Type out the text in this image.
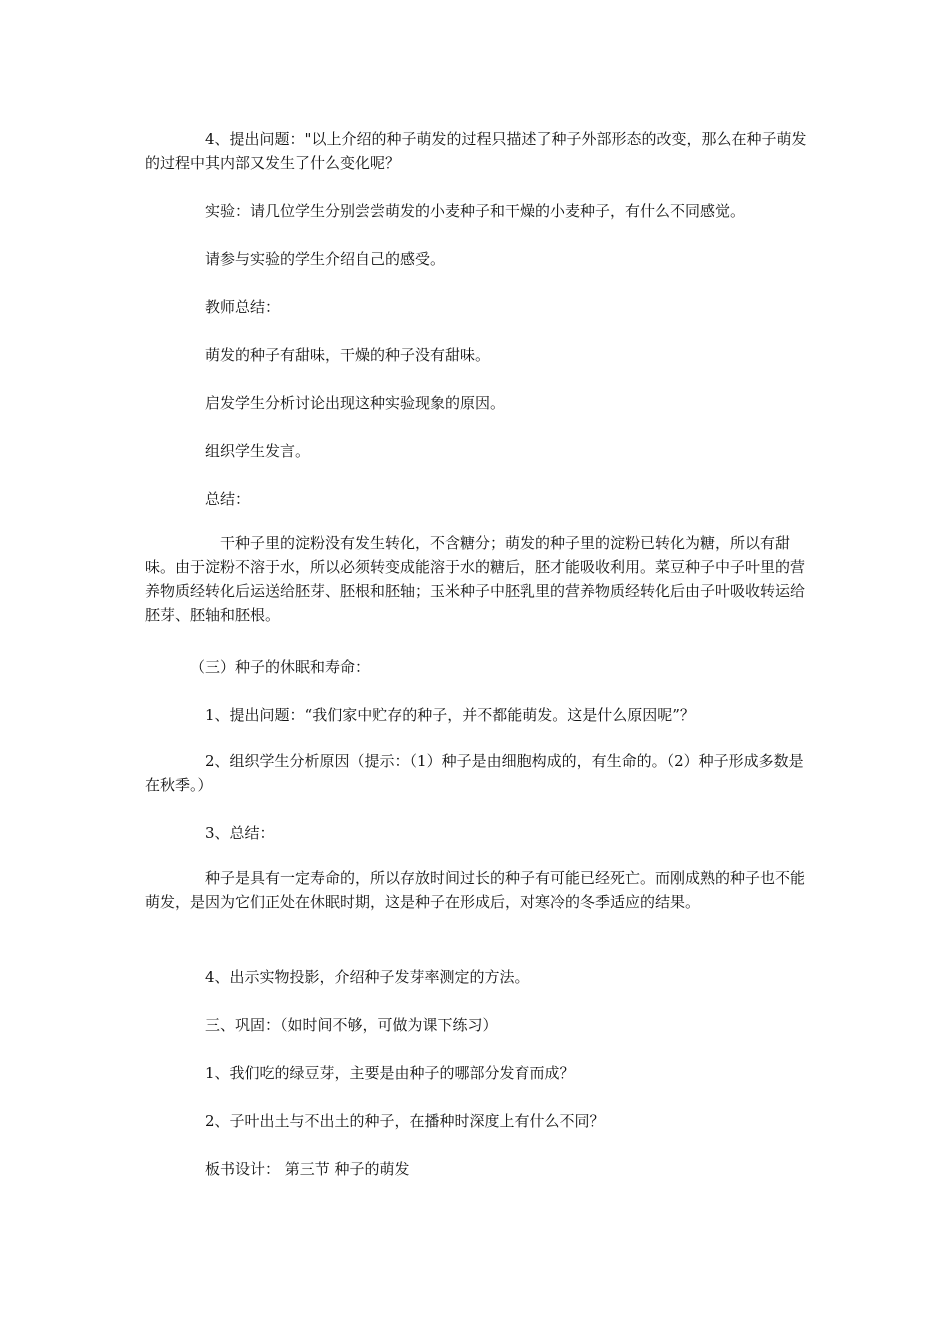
4、提出问题："以上介绍的种子萌发的过程只描述了种子外部形态的改变，那么在种子萌发的过程中其内部又发生了什么变化呢？

实验：请几位学生分别尝尝萌发的小麦种子和干燥的小麦种子，有什么不同感觉。

请参与实验的学生介绍自己的感受。

教师总结：

萌发的种子有甜味，干燥的种子没有甜味。

启发学生分析讨论出现这种实验现象的原因。

组织学生发言。

总结：

干种子里的淀粉没有发生转化，不含糖分；萌发的种子里的淀粉已转化为糖，所以有甜味。由于淀粉不溶于水，所以必须转变成能溶于水的糖后，胚才能吸收利用。菜豆种子中子叶里的营养物质经转化后运送给胚芽、胚根和胚轴；玉米种子中胚乳里的营养物质经转化后由子叶吸收转运给胚芽、胚轴和胚根。

（三）种子的休眠和寿命：

1、提出问题：“我们家中贮存的种子，并不都能萌发。这是什么原因呢”？

2、组织学生分析原因（提示：（1）种子是由细胞构成的，有生命的。（2）种子形成多数是在秋季。）

3、总结：

种子是具有一定寿命的，所以存放时间过长的种子有可能已经死亡。而刚成熟的种子也不能萌发，是因为它们正处在休眠时期，这是种子在形成后，对寒冷的冬季适应的结果。

4、出示实物投影，介绍种子发芽率测定的方法。

三、巩固：（如时间不够，可做为课下练习）

1、我们吃的绿豆芽，主要是由种子的哪部分发育而成？

2、子叶出土与不出土的种子，在播种时深度上有什么不同？

板书设计： 第三节 种子的萌发
